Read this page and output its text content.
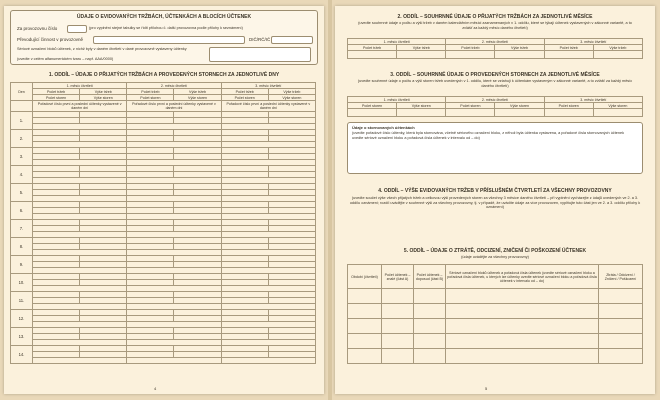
ÚDAJE O EVIDOVANÝCH TRŽBÁCH, ÚČTENKÁCH A BLOCÍCH ÚČTENEK
Za provozovnu číslo	(pro vyplnění stejné tabulky se řídit přílohou č. další provozovna podle přílohy k seznámení)
Převodující činnost v provozovně	DIČ/RČ/IČ
Sériové označení bloků účtenek, z nichž byly v daném čtvrtletí v dané provozovně vystaveny účtenky
(uvedte v celém alfanumerickém tvaru – např. AAA/0000)
1. ODDÍL – ÚDAJE O PŘIJATÝCH TRŽBÁCH A PROVEDENÝCH STORNECH ZA JEDNOTLIVÉ DNY
Den	1. měsíc čtvrtletí		2. měsíc čtvrtletí		3. měsíc čtvrtletí	
	Počet tržeb	Výše tržeb	Počet tržeb	Výše tržeb	Počet tržeb	Výše tržeb
	Počet storen	Výše storen	Počet storen	Výše storen	Počet storen	Výše storen
	Pořadové číslo první a poslední účtenky vystavené v daném dni		Pořadové číslo první a poslední účtenky vystavené v daném dni		Pořadové číslo první a poslední účtenky vystavené v daném dni	
1.						

2.						

3.						

4.						

5.						

6.						

7.						

8.						

9.						

10.						

11.						

12.						

13.						

14.						

4
2. ODDÍL – SOUHRNNÉ ÚDAJE O PŘIJATÝCH TRŽBÁCH ZA JEDNOTLIVÉ MĚSÍCE
(uvedte souhrnné údaje o počtu a výši tržeb v daném kalendářním měsíci zaznamenaných v 1. oddílu, které se týkají účtenek vystavených v zákonné variantě, a to zvlášť za každý měsíc daného čtvrtletí)
1. měsíc čtvrtletí		2. měsíc čtvrtletí		3. měsíc čtvrtletí	
Počet tržeb	Výše tržeb	Počet tržeb	Výše tržeb	Počet tržeb	Výše tržeb

3. ODDÍL – SOUHRNNÉ ÚDAJE O PROVEDENÝCH STORNECH ZA JEDNOTLIVÉ MĚSÍCE
(uvedte souhrnné údaje o počtu a výši storen tržeb uvedených v 1. oddílu, které se vztahují k účtenkám vystaveným v zákonné variantě, a to zvlášť za každý měsíc daného čtvrtletí)
1. měsíc čtvrtletí		2. měsíc čtvrtletí		3. měsíc čtvrtletí	
Počet storen	Výše storen	Počet storen	Výše storen	Počet storen	Výše storen

Údaje o stornovaných účtenkách
(uvedte pořadové číslo účtenky, která byla stornována, včetně sériového označení bloku, z něhož byla účtenka vystavena, a pořadové čísla stornovaných účtenek uvedte sériové označení bloku a pořadová čísla účtenek v intervalu od – do)
4. ODDÍL – VÝŠE EVIDOVANÝCH TRŽEB V PŘÍSLUŠNÉM ČTVRTLETÍ ZA VŠECHNY PROVOZOVNY
(uvedte součet výše všech přijatých tržeb a celkovou výši provedených storen za všechny 3 měsíce daného čtvrtletí – při vyplnění vycházejte z údajů uvedených ve 2. a 3. oddílu oznámení; rozdíl uvádějte v souhrnné výši za všechny provozovny, tj. v případě, že uvádíte údaje za více provozoven, vyplňujte tuto část jen ve 2. a 3. oddílu přílohy k oznámení)
5. ODDÍL – ÚDAJE O ZTRÁTĚ, ODCIZENÍ, ZNIČENÍ ČI POŠKOZENÍ ÚČTENEK
(údaje uvádějte za všechny provozovny)
Období (čtvrtletí)	Počet účtenek – znalé (část A)	Počet účtenek – doposud (část B)	Sériové označení bloků účtenek a pořadová čísla účtenek (uvedte sériové označení bloku a pořadová čísla účtenek, u kterých lze účtenky uvedte sériové označení bloku a pořadová čísla účtenek v intervalu od – do)	Ztráta / Odcizení / Zničení / Poškození

5
